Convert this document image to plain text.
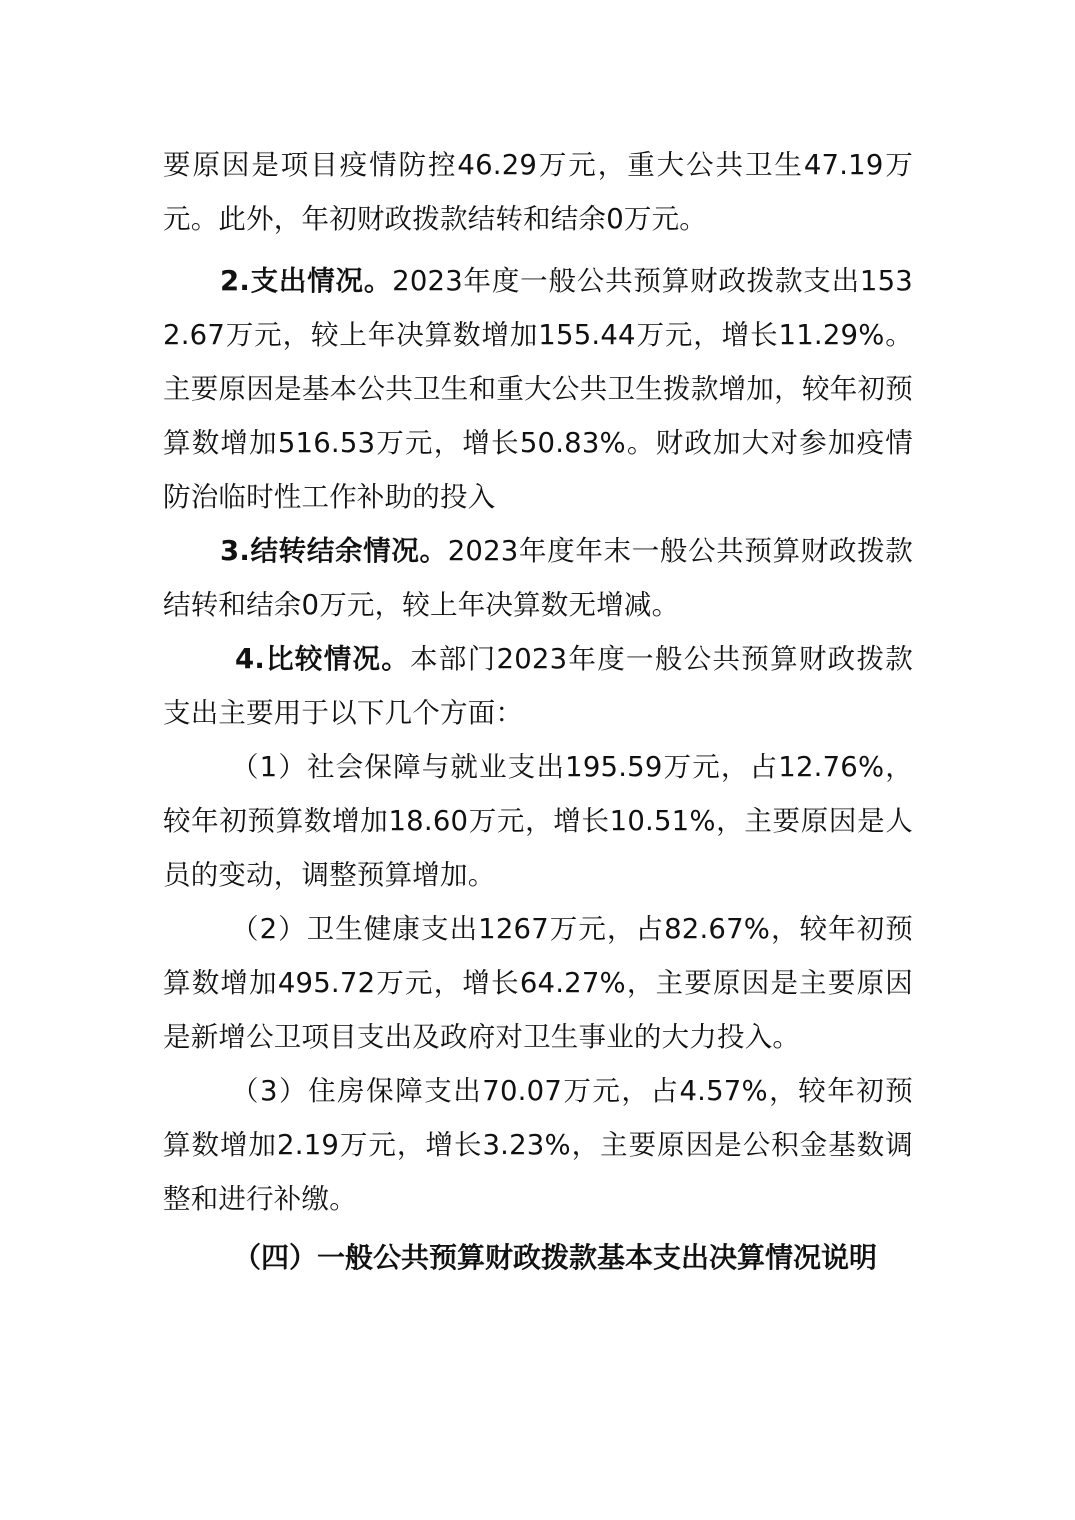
要原因是项目疫情防控46.29万元，重大公共卫生47.19万元。此外，年初财政拨款结转和结余0万元。

2.支出情况。2023年度一般公共预算财政拨款支出1532.67万元，较上年决算数增加155.44万元，增长11.29%。主要原因是基本公共卫生和重大公共卫生拨款增加，较年初预算数增加516.53万元，增长50.83%。财政加大对参加疫情防治临时性工作补助的投入

3.结转结余情况。2023年度年末一般公共预算财政拨款结转和结余0万元，较上年决算数无增减。

4.比较情况。本部门2023年度一般公共预算财政拨款支出主要用于以下几个方面：

（1）社会保障与就业支出195.59万元，占12.76%，较年初预算数增加18.60万元，增长10.51%，主要原因是人员的变动，调整预算增加。

（2）卫生健康支出1267万元，占82.67%，较年初预算数增加495.72万元，增长64.27%，主要原因是主要原因是新增公卫项目支出及政府对卫生事业的大力投入。

（3）住房保障支出70.07万元，占4.57%，较年初预算数增加2.19万元，增长3.23%，主要原因是公积金基数调整和进行补缴。

（四）一般公共预算财政拨款基本支出决算情况说明
